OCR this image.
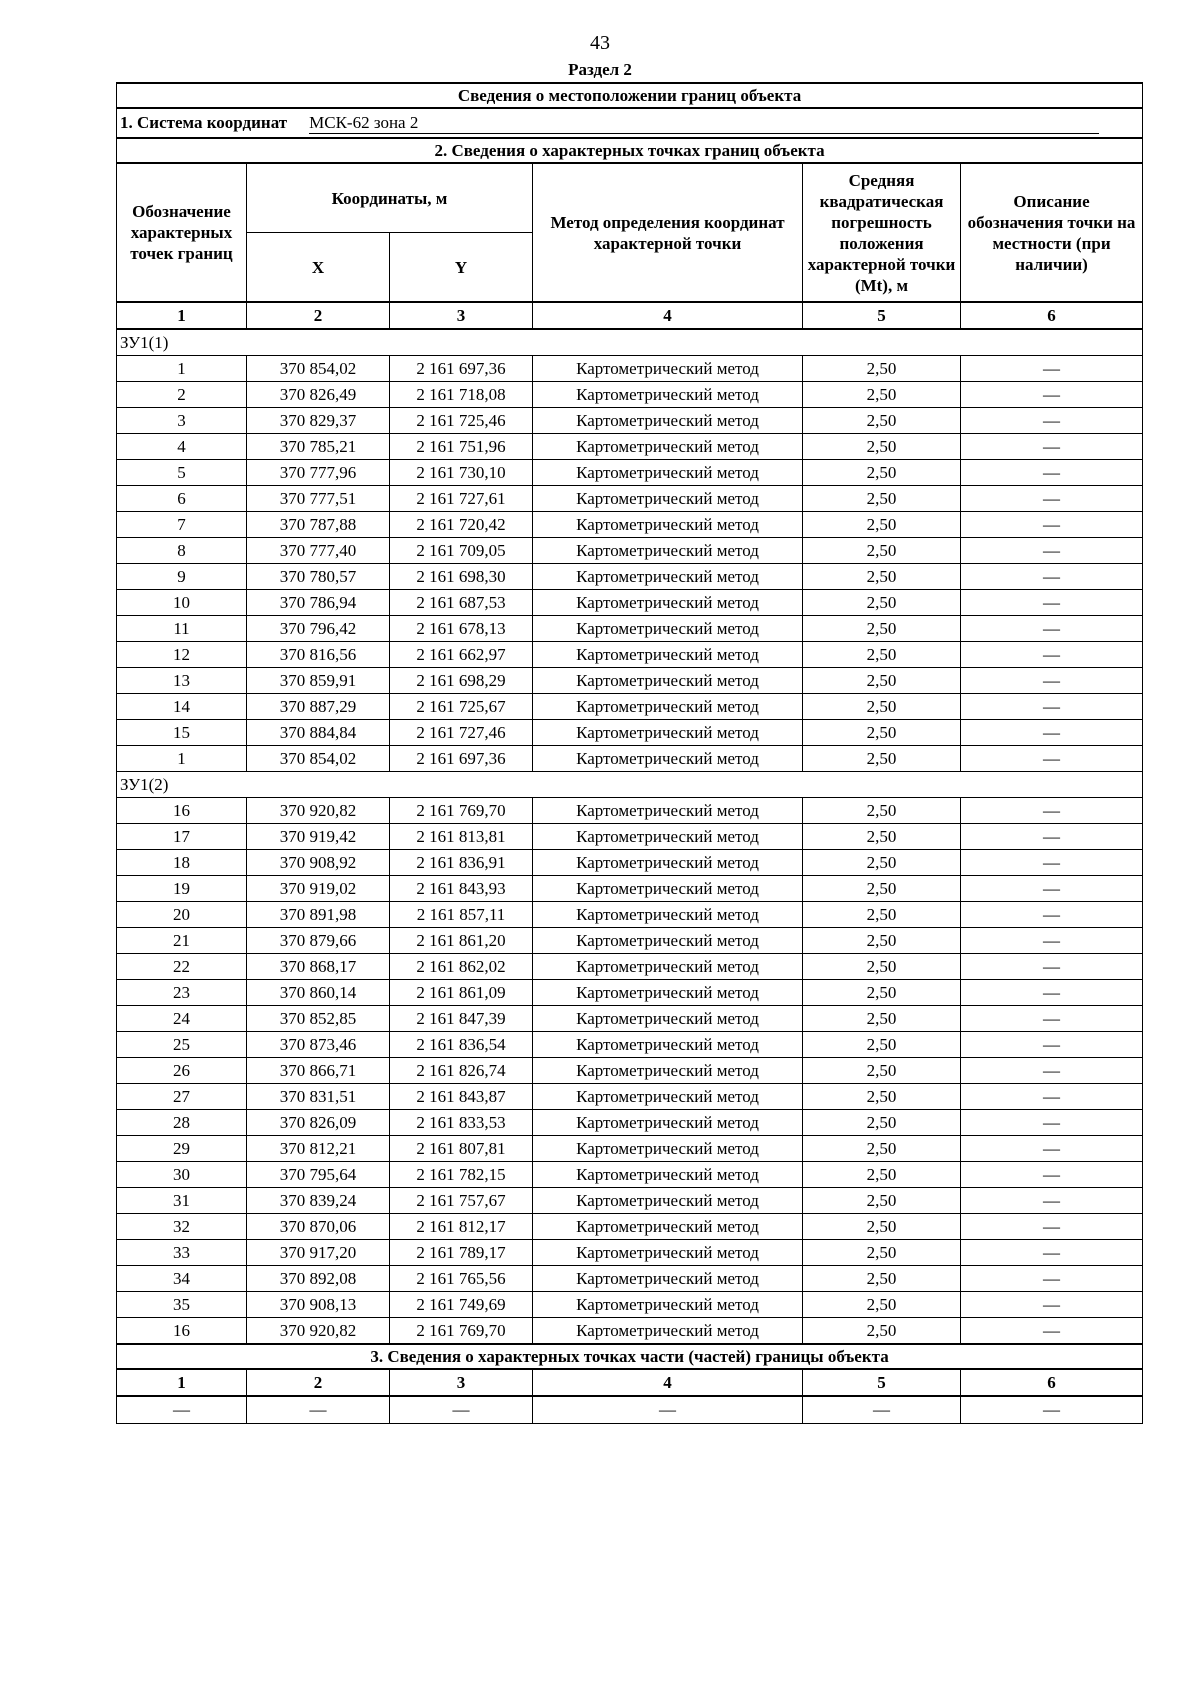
43
Раздел 2
Сведения о местоположении границ объекта					
1. Система координат МСК-62 зона 2					
2. Сведения о характерных точках границ объекта					
Обозначение характерных точек границ	Координаты, м		Метод определения координат характерной точки	Средняя квадратическая погрешность положения характерной точки (Mt), м	Описание обозначения точки на местности (при наличии)
	X	Y			
1	2	3	4	5	6
ЗУ1(1)					
1	370 854,02	2 161 697,36	Картометрический метод	2,50	—
2	370 826,49	2 161 718,08	Картометрический метод	2,50	—
3	370 829,37	2 161 725,46	Картометрический метод	2,50	—
4	370 785,21	2 161 751,96	Картометрический метод	2,50	—
5	370 777,96	2 161 730,10	Картометрический метод	2,50	—
6	370 777,51	2 161 727,61	Картометрический метод	2,50	—
7	370 787,88	2 161 720,42	Картометрический метод	2,50	—
8	370 777,40	2 161 709,05	Картометрический метод	2,50	—
9	370 780,57	2 161 698,30	Картометрический метод	2,50	—
10	370 786,94	2 161 687,53	Картометрический метод	2,50	—
11	370 796,42	2 161 678,13	Картометрический метод	2,50	—
12	370 816,56	2 161 662,97	Картометрический метод	2,50	—
13	370 859,91	2 161 698,29	Картометрический метод	2,50	—
14	370 887,29	2 161 725,67	Картометрический метод	2,50	—
15	370 884,84	2 161 727,46	Картометрический метод	2,50	—
1	370 854,02	2 161 697,36	Картометрический метод	2,50	—
ЗУ1(2)					
16	370 920,82	2 161 769,70	Картометрический метод	2,50	—
17	370 919,42	2 161 813,81	Картометрический метод	2,50	—
18	370 908,92	2 161 836,91	Картометрический метод	2,50	—
19	370 919,02	2 161 843,93	Картометрический метод	2,50	—
20	370 891,98	2 161 857,11	Картометрический метод	2,50	—
21	370 879,66	2 161 861,20	Картометрический метод	2,50	—
22	370 868,17	2 161 862,02	Картометрический метод	2,50	—
23	370 860,14	2 161 861,09	Картометрический метод	2,50	—
24	370 852,85	2 161 847,39	Картометрический метод	2,50	—
25	370 873,46	2 161 836,54	Картометрический метод	2,50	—
26	370 866,71	2 161 826,74	Картометрический метод	2,50	—
27	370 831,51	2 161 843,87	Картометрический метод	2,50	—
28	370 826,09	2 161 833,53	Картометрический метод	2,50	—
29	370 812,21	2 161 807,81	Картометрический метод	2,50	—
30	370 795,64	2 161 782,15	Картометрический метод	2,50	—
31	370 839,24	2 161 757,67	Картометрический метод	2,50	—
32	370 870,06	2 161 812,17	Картометрический метод	2,50	—
33	370 917,20	2 161 789,17	Картометрический метод	2,50	—
34	370 892,08	2 161 765,56	Картометрический метод	2,50	—
35	370 908,13	2 161 749,69	Картометрический метод	2,50	—
16	370 920,82	2 161 769,70	Картометрический метод	2,50	—
3. Сведения о характерных точках части (частей) границы объекта					
1	2	3	4	5	6
—	—	—	—	—	—
